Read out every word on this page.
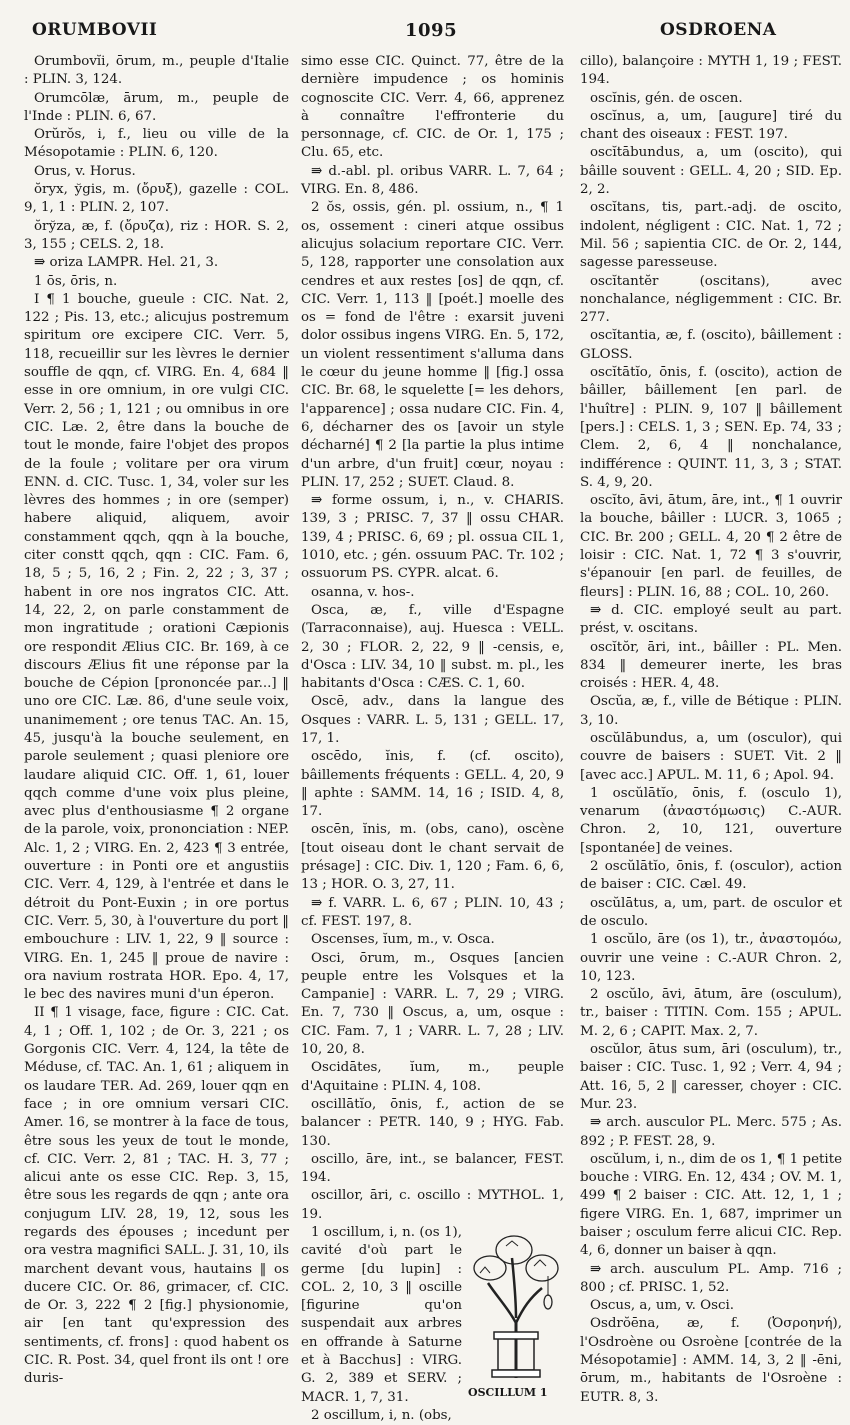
ORUMBOVII	1095	OSDROENA

Orumbovĭi, ōrum, m., peuple d'Italie : PLIN. 3, 124.

Orumcōlæ, ārum, m., peuple de l'Inde : PLIN. 6, 67.

Orŭrŏs, i, f., lieu ou ville de la Mésopotamie : PLIN. 6, 120.

Orus, v. Horus.

ŏryx, ўgis, m. (ὄρυξ), gazelle : COL. 9, 1, 1 : PLIN. 2, 107.

ŏrўza, æ, f. (ὄρυζα), riz : HOR. S. 2, 3, 155 ; CELS. 2, 18.

⇛ oriza LAMPR. Hel. 21, 3.

1 ōs, ōris, n.

I ¶ 1 bouche, gueule : CIC. Nat. 2, 122 ; Pis. 13, etc.; alicujus postremum spiritum ore excipere CIC. Verr. 5, 118, recueillir sur les lèvres le dernier souffle de qqn, cf. VIRG. En. 4, 684 ‖ esse in ore omnium, in ore vulgi CIC. Verr. 2, 56 ; 1, 121 ; ou omnibus in ore CIC. Læ. 2, être dans la bouche de tout le monde, faire l'objet des propos de la foule ; volitare per ora virum ENN. d. CIC. Tusc. 1, 34, voler sur les lèvres des hommes ; in ore (semper) habere aliquid, aliquem, avoir constamment qqch, qqn à la bouche, citer constt qqch, qqn : CIC. Fam. 6, 18, 5 ; 5, 16, 2 ; Fin. 2, 22 ; 3, 37 ; habent in ore nos ingratos CIC. Att. 14, 22, 2, on parle constamment de mon ingratitude ; orationi Cæpionis ore respondit Ælius CIC. Br. 169, à ce discours Ælius fit une réponse par la bouche de Cépion [prononcée par...] ‖ uno ore CIC. Læ. 86, d'une seule voix, unanimement ; ore tenus TAC. An. 15, 45, jusqu'à la bouche seulement, en parole seulement ; quasi pleniore ore laudare aliquid CIC. Off. 1, 61, louer qqch comme d'une voix plus pleine, avec plus d'enthousiasme ¶ 2 organe de la parole, voix, prononciation : NEP. Alc. 1, 2 ; VIRG. En. 2, 423 ¶ 3 entrée, ouverture : in Ponti ore et angustiis CIC. Verr. 4, 129, à l'entrée et dans le détroit du Pont-Euxin ; in ore portus CIC. Verr. 5, 30, à l'ouverture du port ‖ embouchure : LIV. 1, 22, 9 ‖ source : VIRG. En. 1, 245 ‖ proue de navire : ora navium rostrata HOR. Epo. 4, 17, le bec des navires muni d'un éperon.

II ¶ 1 visage, face, figure : CIC. Cat. 4, 1 ; Off. 1, 102 ; de Or. 3, 221 ; os Gorgonis CIC. Verr. 4, 124, la tête de Méduse, cf. TAC. An. 1, 61 ; aliquem in os laudare TER. Ad. 269, louer qqn en face ; in ore omnium versari CIC. Amer. 16, se montrer à la face de tous, être sous les yeux de tout le monde, cf. CIC. Verr. 2, 81 ; TAC. H. 3, 77 ; alicui ante os esse CIC. Rep. 3, 15, être sous les regards de qqn ; ante ora conjugum LIV. 28, 19, 12, sous les regards des épouses ; incedunt per ora vestra magnifici SALL. J. 31, 10, ils marchent devant vous, hautains ‖ os ducere CIC. Or. 86, grimacer, cf. CIC. de Or. 3, 222 ¶ 2 [fig.] physionomie, air [en tant qu'expression des sentiments, cf. frons] : quod habent os CIC. R. Post. 34, quel front ils ont ! ore duris-

simo esse CIC. Quinct. 77, être de la dernière impudence ; os hominis cognoscite CIC. Verr. 4, 66, apprenez à connaître l'effronterie du personnage, cf. CIC. de Or. 1, 175 ; Clu. 65, etc.

⇛ d.-abl. pl. oribus VARR. L. 7, 64 ; VIRG. En. 8, 486.

2 ŏs, ossis, gén. pl. ossium, n., ¶ 1 os, ossement : cineri atque ossibus alicujus solacium reportare CIC. Verr. 5, 128, rapporter une consolation aux cendres et aux restes [os] de qqn, cf. CIC. Verr. 1, 113 ‖ [poét.] moelle des os = fond de l'être : exarsit juveni dolor ossibus ingens VIRG. En. 5, 172, un violent ressentiment s'alluma dans le cœur du jeune homme ‖ [fig.] ossa CIC. Br. 68, le squelette [= les dehors, l'apparence] ; ossa nudare CIC. Fin. 4, 6, décharner des os [avoir un style décharné] ¶ 2 [la partie la plus intime d'un arbre, d'un fruit] cœur, noyau : PLIN. 17, 252 ; SUET. Claud. 8.

⇛ forme ossum, i, n., v. CHARIS. 139, 3 ; PRISC. 7, 37 ‖ ossu CHAR. 139, 4 ; PRISC. 6, 69 ; pl. ossua CIL 1, 1010, etc. ; gén. ossuum PAC. Tr. 102 ; ossuorum PS. CYPR. alcat. 6.

osanna, v. hos-.

Osca, æ, f., ville d'Espagne (Tarraconnaise), auj. Huesca : VELL. 2, 30 ; FLOR. 2, 22, 9 ‖ -censis, e, d'Osca : LIV. 34, 10 ‖ subst. m. pl., les habitants d'Osca : CÆS. C. 1, 60.

Oscē, adv., dans la langue des Osques : VARR. L. 5, 131 ; GELL. 17, 17, 1.

oscēdo, ĭnis, f. (cf. oscito), bâillements fréquents : GELL. 4, 20, 9 ‖ aphte : SAMM. 14, 16 ; ISID. 4, 8, 17.

oscēn, ĭnis, m. (obs, cano), oscène [tout oiseau dont le chant servait de présage] : CIC. Div. 1, 120 ; Fam. 6, 6, 13 ; HOR. O. 3, 27, 11.

⇛ f. VARR. L. 6, 67 ; PLIN. 10, 43 ; cf. FEST. 197, 8.

Oscenses, ĭum, m., v. Osca.

Osci, ōrum, m., Osques [ancien peuple entre les Volsques et la Campanie] : VARR. L. 7, 29 ; VIRG. En. 7, 730 ‖ Oscus, a, um, osque : CIC. Fam. 7, 1 ; VARR. L. 7, 28 ; LIV. 10, 20, 8.

Oscidātes, ĭum, m., peuple d'Aquitaine : PLIN. 4, 108.

oscillātĭo, ōnis, f., action de se balancer : PETR. 140, 9 ; HYG. Fab. 130.

oscillo, āre, int., se balancer, FEST. 194.

oscillor, āri, c. oscillo : MYTHOL. 1, 19.

OSCILLUM 1

1 oscillum, i, n. (os 1), cavité d'où part le germe [du lupin] : COL. 2, 10, 3 ‖ oscille [figurine qu'on suspendait aux arbres en offrande à Saturne et à Bacchus] : VIRG. G. 2, 389 et SERV. ; MACR. 1, 7, 31.

2 oscillum, i, n. (obs,

cillo), balançoire : MYTH 1, 19 ; FEST. 194.

oscĭnis, gén. de oscen.

oscĭnus, a, um, [augure] tiré du chant des oiseaux : FEST. 197.

oscĭtābundus, a, um (oscito), qui bâille souvent : GELL. 4, 20 ; SID. Ep. 2, 2.

oscĭtans, tis, part.-adj. de oscito, indolent, négligent : CIC. Nat. 1, 72 ; Mil. 56 ; sapientia CIC. de Or. 2, 144, sagesse paresseuse.

oscĭtantĕr (oscitans), avec nonchalance, négligemment : CIC. Br. 277.

oscĭtantia, æ, f. (oscito), bâillement : GLOSS.

oscĭtātĭo, ōnis, f. (oscito), action de bâiller, bâillement [en parl. de l'huître] : PLIN. 9, 107 ‖ bâillement [pers.] : CELS. 1, 3 ; SEN. Ep. 74, 33 ; Clem. 2, 6, 4 ‖ nonchalance, indifférence : QUINT. 11, 3, 3 ; STAT. S. 4, 9, 20.

oscĭto, āvi, ātum, āre, int., ¶ 1 ouvrir la bouche, bâiller : LUCR. 3, 1065 ; CIC. Br. 200 ; GELL. 4, 20 ¶ 2 être de loisir : CIC. Nat. 1, 72 ¶ 3 s'ouvrir, s'épanouir [en parl. de feuilles, de fleurs] : PLIN. 16, 88 ; COL. 10, 260.

⇛ d. CIC. employé seult au part. prést, v. oscitans.

oscĭtŏr, āri, int., bâiller : PL. Men. 834 ‖ demeurer inerte, les bras croisés : HER. 4, 48.

Oscŭa, æ, f., ville de Bétique : PLIN. 3, 10.

oscŭlābundus, a, um (osculor), qui couvre de baisers : SUET. Vit. 2 ‖ [avec acc.] APUL. M. 11, 6 ; Apol. 94.

1 oscŭlātĭo, ōnis, f. (osculo 1), venarum (ἀναστόμωσις) C.-AUR. Chron. 2, 10, 121, ouverture [spontanée] de veines.

2 oscŭlātĭo, ōnis, f. (osculor), action de baiser : CIC. Cæl. 49.

oscŭlātus, a, um, part. de osculor et de osculo.

1 oscŭlo, āre (os 1), tr., ἀναστομόω, ouvrir une veine : C.-AUR Chron. 2, 10, 123.

2 oscŭlo, āvi, ātum, āre (osculum), tr., baiser : TITIN. Com. 155 ; APUL. M. 2, 6 ; CAPIT. Max. 2, 7.

oscŭlor, ātus sum, āri (osculum), tr., baiser : CIC. Tusc. 1, 92 ; Verr. 4, 94 ; Att. 16, 5, 2 ‖ caresser, choyer : CIC. Mur. 23.

⇛ arch. ausculor PL. Merc. 575 ; As. 892 ; P. FEST. 28, 9.

oscŭlum, i, n., dim de os 1, ¶ 1 petite bouche : VIRG. En. 12, 434 ; OV. M. 1, 499 ¶ 2 baiser : CIC. Att. 12, 1, 1 ; figere VIRG. En. 1, 687, imprimer un baiser ; osculum ferre alicui CIC. Rep. 4, 6, donner un baiser à qqn.

⇛ arch. ausculum PL. Amp. 716 ; 800 ; cf. PRISC. 1, 52.

Oscus, a, um, v. Osci.

Osdrŏēna, æ, f. (Ὀσροηνή), l'Osdroène ou Osroène [contrée de la Mésopotamie] : AMM. 14, 3, 2 ‖ -ēni, ōrum, m., habitants de l'Osroène : EUTR. 8, 3.
